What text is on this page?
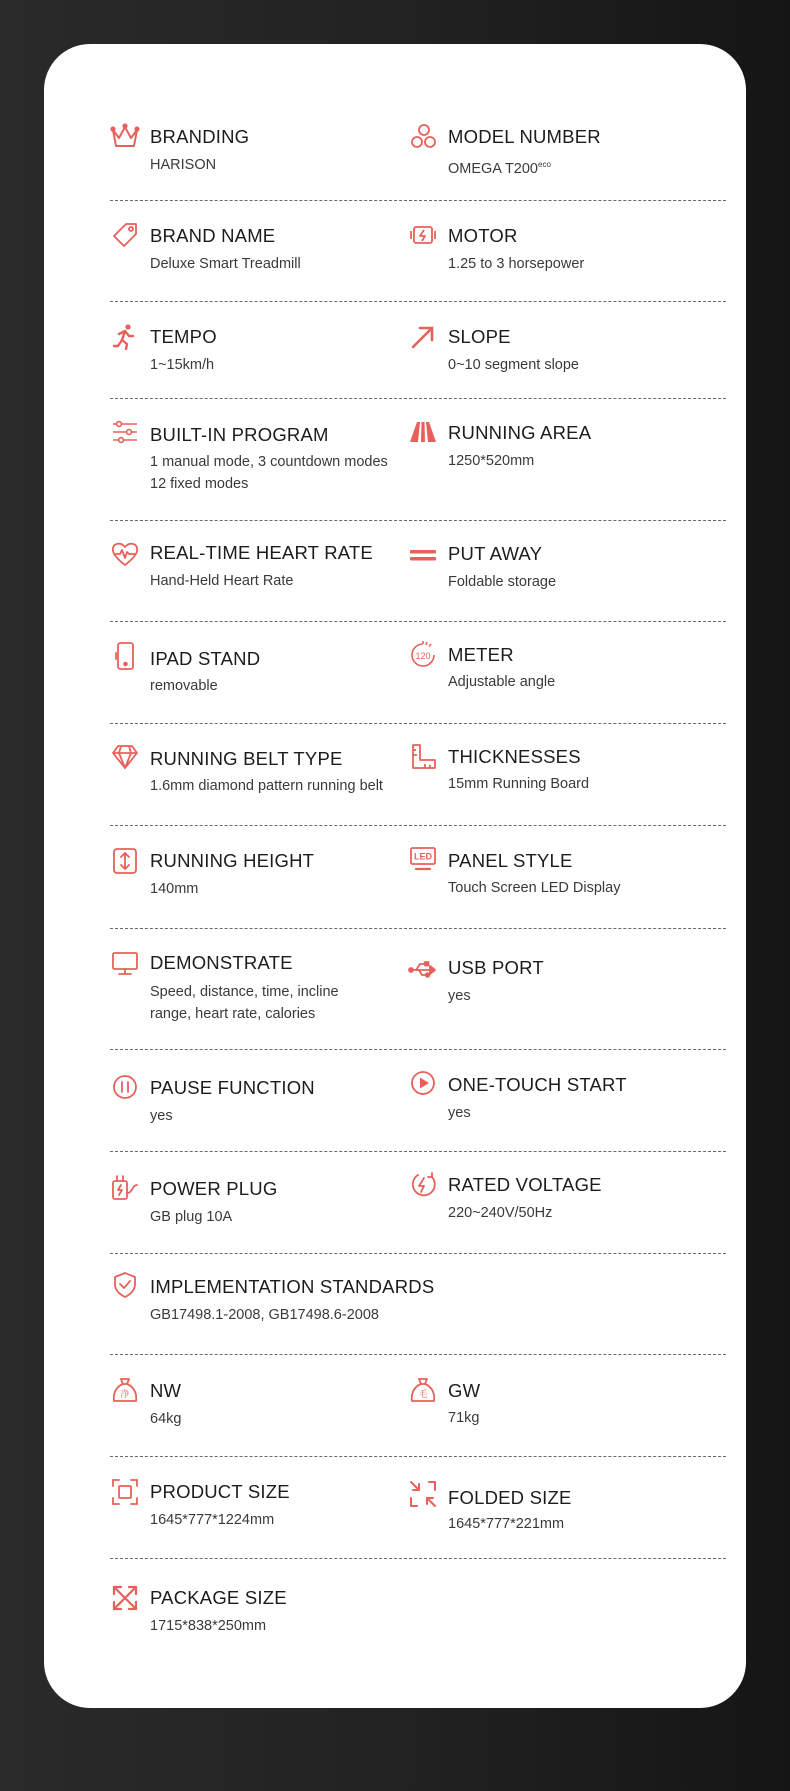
BRANDING
HARISON
MODEL NUMBER
OMEGA $T200^{eco}$
BRAND NAME
Deluxe Smart Treadmill
MOTOR
1.25 to 3 horsepower
TEMPO
1~15km/h
SLOPE
0~10 segment slope
BUILT-IN PROGRAM
1 manual mode, 3 countdown modes
12 fixed modes
RUNNING AREA
1250*520mm
REAL-TIME HEART RATE
Hand-Held Heart Rate
PUT AWAY
Foldable storage
IPAD STAND
removable
120 METER
Adjustable angle
RUNNING BELT TYPE
1.6mm diamond pattern running belt
THICKNESSES
15mm Running Board
RUNNING HEIGHT
140mm
LED PANEL STYLE
Touch Screen LED Display
DEMONSTRATE
Speed, distance, time, incline
range, heart rate, calories
USB PORT
yes
PAUSE FUNCTION
yes
ONE-TOUCH START
yes
POWER PLUG
GB plug 10A
RATED VOLTAGE
220~240V/50Hz
IMPLEMENTATION STANDARDS
GB17498.1-2008, GB17498.6-2008
净 NW
64kg
毛 GW
71kg
PRODUCT SIZE
1645*777*1224mm
FOLDED SIZE
1645*777*221mm
PACKAGE SIZE
1715*838*250mm
